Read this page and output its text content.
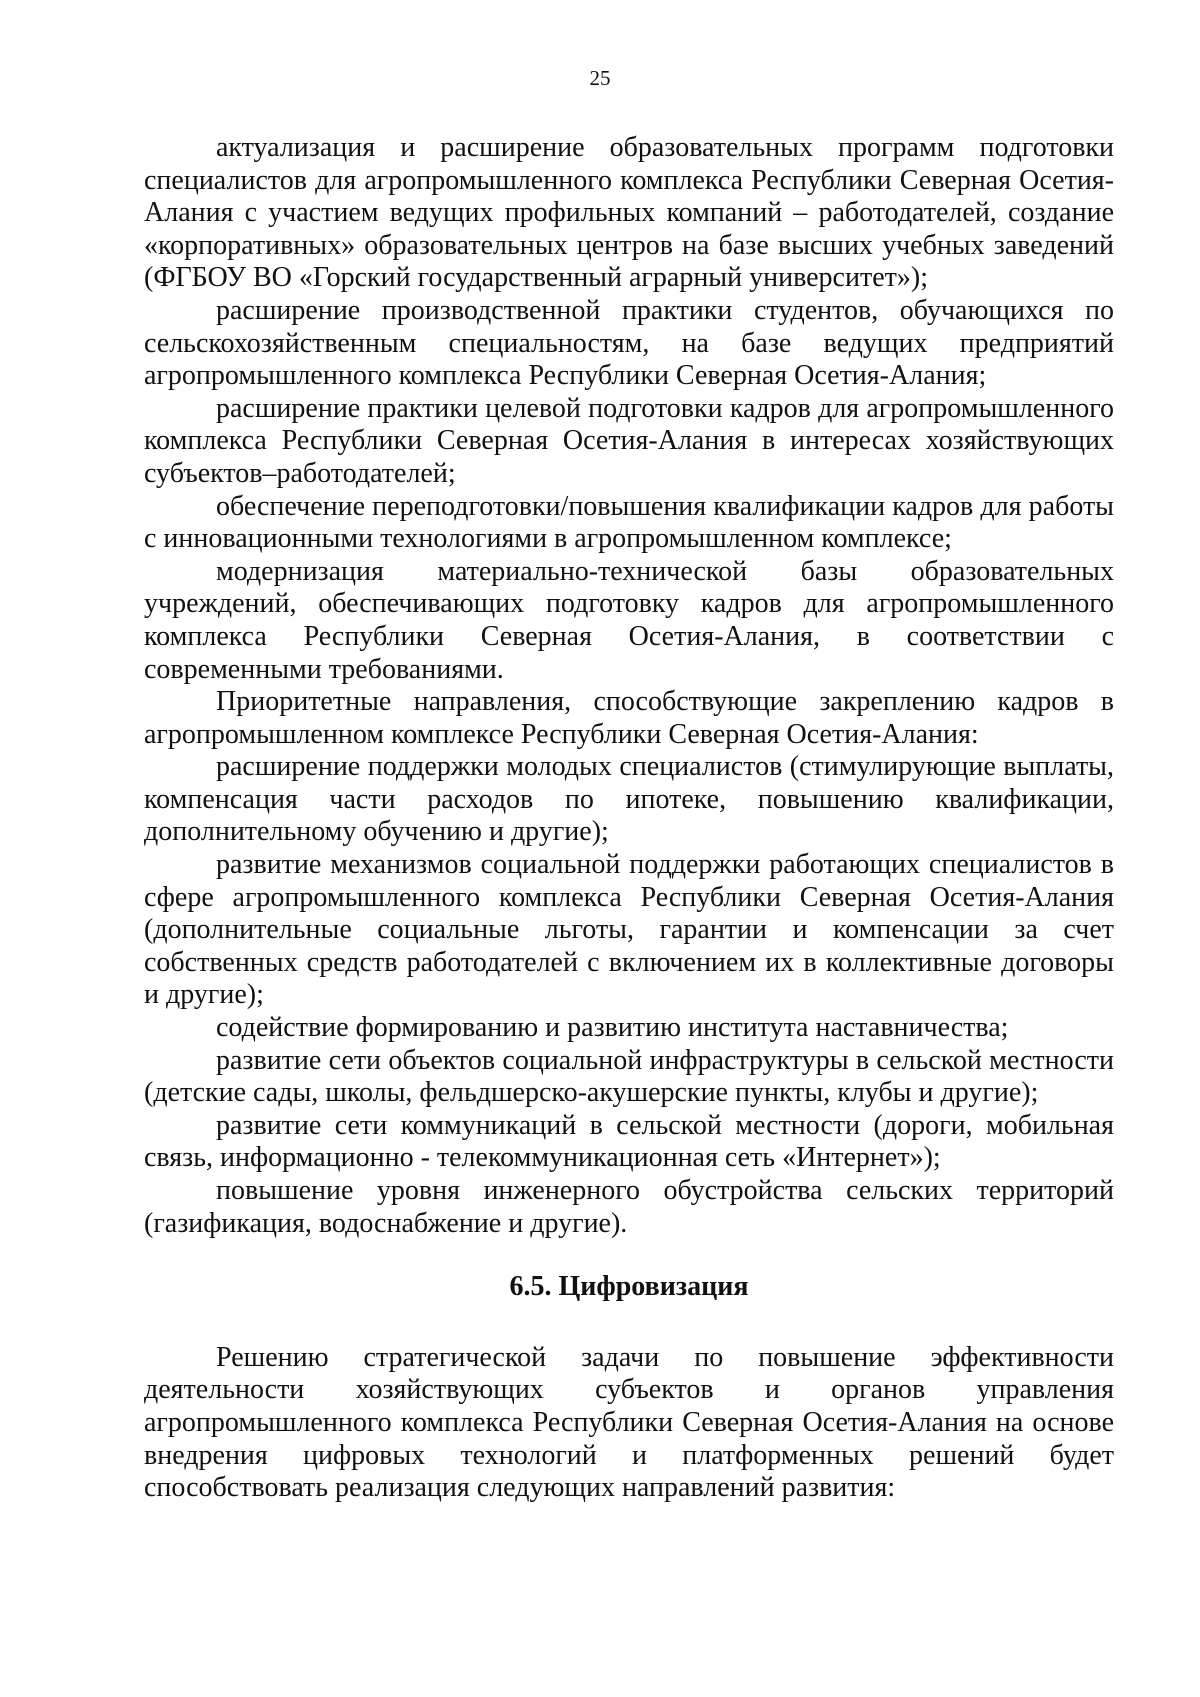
25

актуализация и расширение образовательных программ подготовки специалистов для агропромышленного комплекса Республики Северная Осетия-Алания с участием ведущих профильных компаний – работодателей, создание «корпоративных» образовательных центров на базе высших учебных заведений (ФГБОУ ВО «Горский государственный аграрный университет»);

расширение производственной практики студентов, обучающихся по сельскохозяйственным специальностям, на базе ведущих предприятий агропромышленного комплекса Республики Северная Осетия-Алания;

расширение практики целевой подготовки кадров для агропромышленного комплекса Республики Северная Осетия-Алания в интересах хозяйствующих субъектов–работодателей;

обеспечение переподготовки/повышения квалификации кадров для работы с инновационными технологиями в агропромышленном комплексе;

модернизация материально-технической базы образовательных учреждений, обеспечивающих подготовку кадров для агропромышленного комплекса Республики Северная Осетия-Алания, в соответствии с современными требованиями.

Приоритетные направления, способствующие закреплению кадров в агропромышленном комплексе Республики Северная Осетия-Алания:

расширение поддержки молодых специалистов (стимулирующие выплаты, компенсация части расходов по ипотеке, повышению квалификации, дополнительному обучению и другие);

развитие механизмов социальной поддержки работающих специалистов в сфере агропромышленного комплекса Республики Северная Осетия-Алания (дополнительные социальные льготы, гарантии и компенсации за счет собственных средств работодателей с включением их в коллективные договоры и другие);

содействие формированию и развитию института наставничества;

развитие сети объектов социальной инфраструктуры в сельской местности (детские сады, школы, фельдшерско-акушерские пункты, клубы и другие);

развитие сети коммуникаций в сельской местности (дороги, мобильная связь, информационно - телекоммуникационная сеть «Интернет»);

повышение уровня инженерного обустройства сельских территорий (газификация, водоснабжение и другие).

6.5. Цифровизация

Решению стратегической задачи по повышение эффективности деятельности хозяйствующих субъектов и органов управления агропромышленного комплекса Республики Северная Осетия-Алания на основе внедрения цифровых технологий и платформенных решений будет способствовать реализация следующих направлений развития:
